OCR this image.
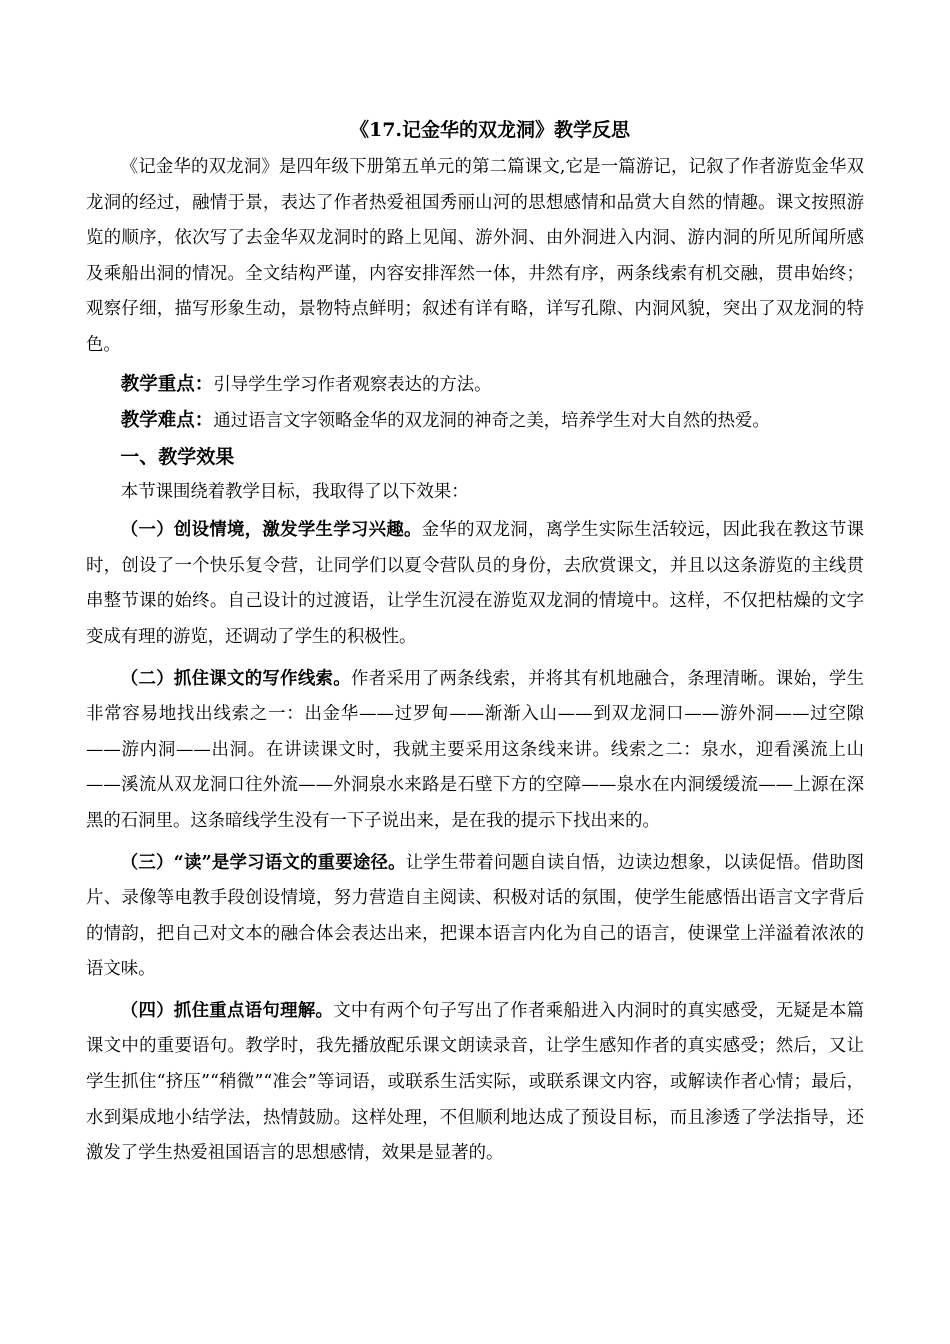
《17.记金华的双龙洞》教学反思

《记金华的双龙洞》是四年级下册第五单元的第二篇课文,它是一篇游记，记叙了作者游览金华双龙洞的经过，融情于景，表达了作者热爱祖国秀丽山河的思想感情和品赏大自然的情趣。课文按照游览的顺序，依次写了去金华双龙洞时的路上见闻、游外洞、由外洞进入内洞、游内洞的所见所闻所感及乘船出洞的情况。全文结构严谨，内容安排浑然一体，井然有序，两条线索有机交融，贯串始终；观察仔细，描写形象生动，景物特点鲜明；叙述有详有略，详写孔隙、内洞风貌，突出了双龙洞的特色。

教学重点：引导学生学习作者观察表达的方法。

教学难点：通过语言文字领略金华的双龙洞的神奇之美，培养学生对大自然的热爱。

一、教学效果

本节课围绕着教学目标，我取得了以下效果：

（一）创设情境，激发学生学习兴趣。金华的双龙洞，离学生实际生活较远，因此我在教这节课时，创设了一个快乐复令营，让同学们以夏令营队员的身份，去欣赏课文，并且以这条游览的主线贯串整节课的始终。自己设计的过渡语，让学生沉浸在游览双龙洞的情境中。这样，不仅把枯燥的文字变成有理的游览，还调动了学生的积极性。

（二）抓住课文的写作线索。作者采用了两条线索，并将其有机地融合，条理清晰。课始，学生非常容易地找出线索之一：出金华——过罗甸——渐渐入山——到双龙洞口——游外洞——过空隙——游内洞——出洞。在讲读课文时，我就主要采用这条线来讲。线索之二：泉水，迎看溪流上山——溪流从双龙洞口往外流——外洞泉水来路是石壁下方的空障——泉水在内洞缓缓流——上源在深黑的石洞里。这条暗线学生没有一下子说出来，是在我的提示下找出来的。

（三）“读”是学习语文的重要途径。让学生带着问题自读自悟，边读边想象，以读促悟。借助图片、录像等电教手段创设情境，努力营造自主阅读、积极对话的氛围，使学生能感悟出语言文字背后的情韵，把自己对文本的融合体会表达出来，把课本语言内化为自己的语言，使课堂上洋溢着浓浓的语文味。

（四）抓住重点语句理解。文中有两个句子写出了作者乘船进入内洞时的真实感受，无疑是本篇课文中的重要语句。教学时，我先播放配乐课文朗读录音，让学生感知作者的真实感受；然后，又让学生抓住“挤压”“稍微”“准会”等词语，或联系生活实际，或联系课文内容，或解读作者心情；最后，水到渠成地小结学法，热情鼓励。这样处理，不但顺利地达成了预设目标，而且渗透了学法指导，还激发了学生热爱祖国语言的思想感情，效果是显著的。
